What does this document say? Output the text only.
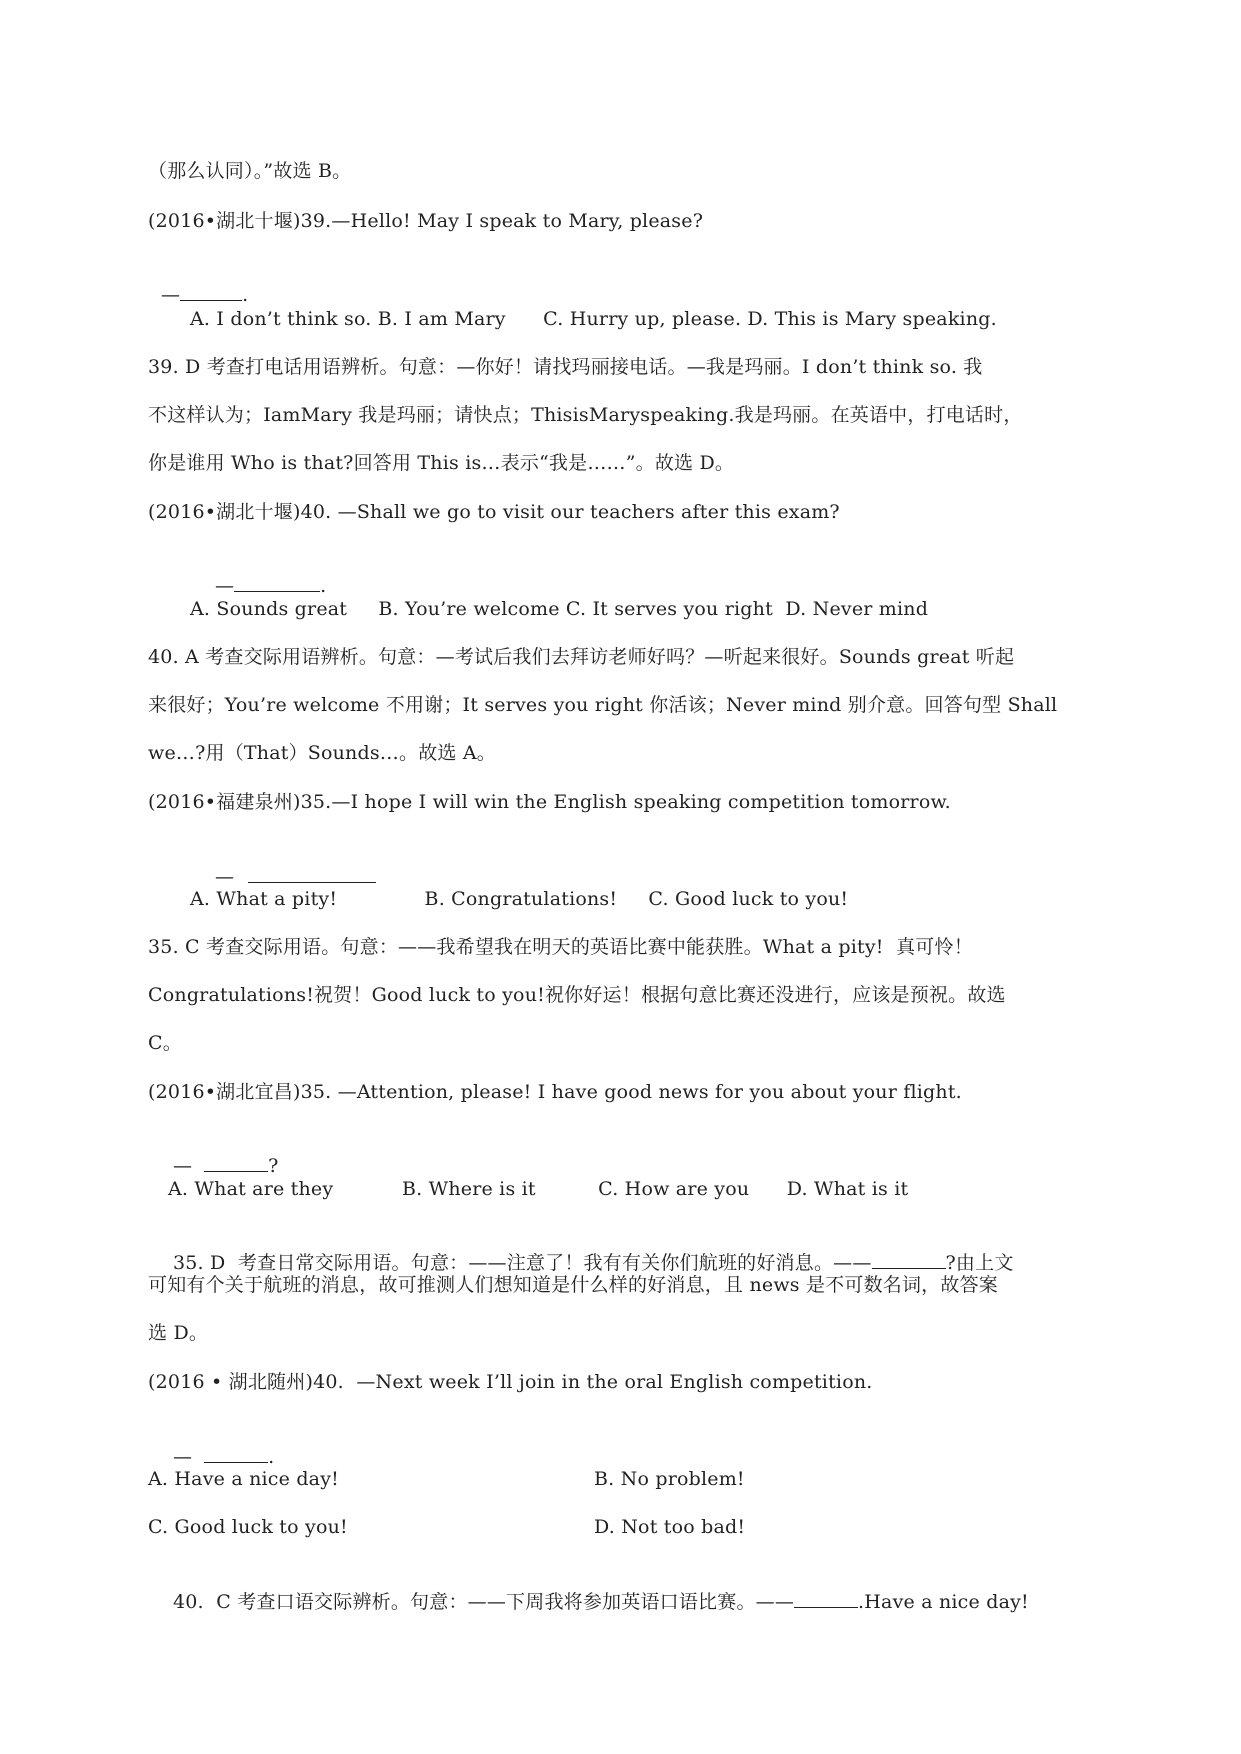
（那么认同）。”故选 B。
(2016•湖北十堰)39.—Hello! May I speak to Mary, please?

—	.

A. I don’t think so. B. I am Mary      C. Hurry up, please. D. This is Mary speaking.
39. D 考查打电话用语辨析。句意：—你好！请找玛丽接电话。—我是玛丽。I don’t think so. 我
不这样认为；IamMary 我是玛丽；请快点；ThisisMaryspeaking.我是玛丽。在英语中，打电话时，
你是谁用 Who is that?回答用 This is…表示“我是……”。故选 D。
(2016•湖北十堰)40. —Shall we go to visit our teachers after this exam?

—	.

A. Sounds great     B. You’re welcome C. It serves you right  D. Never mind
40. A 考查交际用语辨析。句意：—考试后我们去拜访老师好吗？—听起来很好。Sounds great 听起
来很好；You’re welcome 不用谢；It serves you right 你活该；Never mind 别介意。回答句型 Shall
we…?用（That）Sounds…。故选 A。
(2016•福建泉州)35.—I hope I will win the English speaking competition tomorrow.

—

A. What a pity!              B. Congratulations!     C. Good luck to you!
35. C 考查交际用语。句意：——我希望我在明天的英语比赛中能获胜。What a pity!  真可怜！
Congratulations!祝贺！Good luck to you!祝你好运！根据句意比赛还没进行，应该是预祝。故选
C。
(2016•湖北宜昌)35. —Attention, please! I have good news for you about your flight.

—	?

A. What are they           B. Where is it          C. How are you      D. What is it

35. D  考查日常交际用语。句意：——注意了！我有有关你们航班的好消息。——	?由上文

可知有个关于航班的消息，故可推测人们想知道是什么样的好消息，且 news 是不可数名词，故答案
选 D。
(2016 • 湖北随州)40.  —Next week I’ll join in the oral English competition.

—	.

A. Have a nice day!	B. No problem!
C. Good luck to you!	D. Not too bad!

40.  C 考查口语交际辨析。句意：——下周我将参加英语口语比赛。——	.Have a nice day!
